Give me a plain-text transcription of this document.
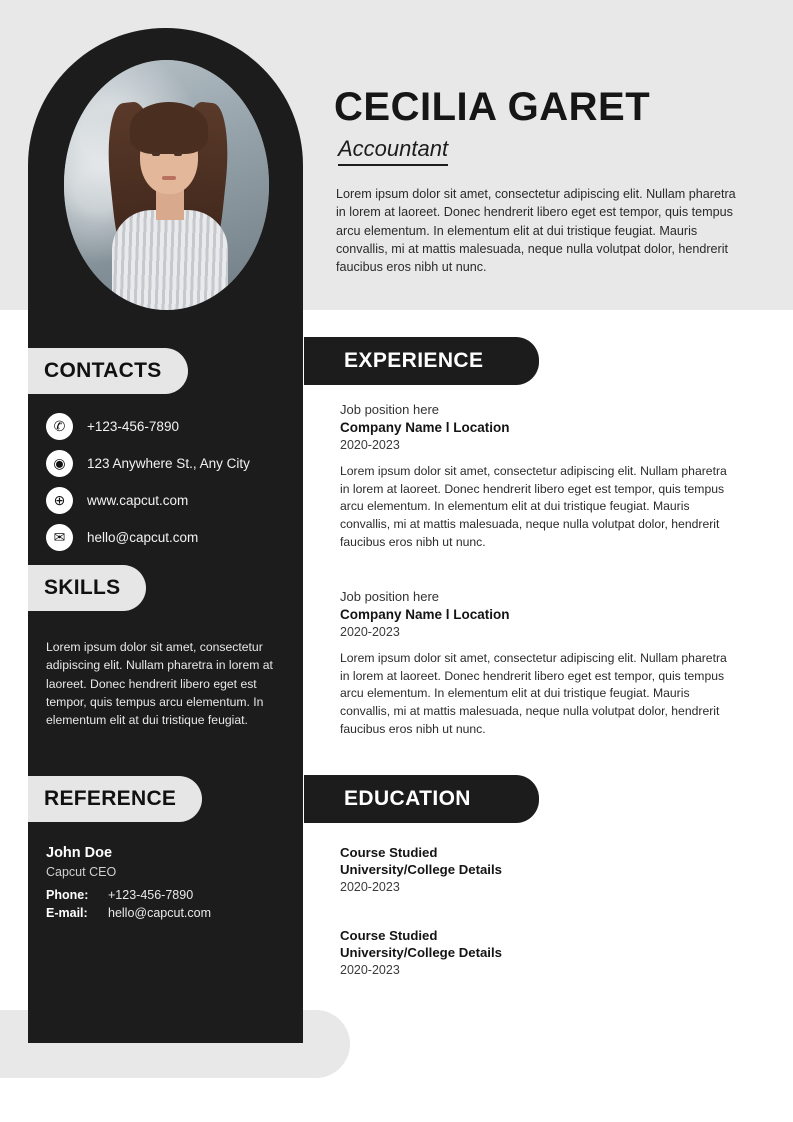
CECILIA GARET
Accountant
Lorem ipsum dolor sit amet, consectetur adipiscing elit. Nullam pharetra in lorem at laoreet. Donec hendrerit libero eget est tempor, quis tempus arcu elementum. In elementum elit at dui tristique feugiat. Mauris convallis, mi at mattis malesuada, neque nulla volutpat dolor, hendrerit faucibus eros nibh ut nunc.
CONTACTS
SKILLS
REFERENCE
EXPERIENCE
EDUCATION
✆	+123-456-7890
◉	123 Anywhere St., Any City
⊕	www.capcut.com
✉	hello@capcut.com
Lorem ipsum dolor sit amet, consectetur adipiscing elit. Nullam pharetra in lorem at laoreet. Donec hendrerit libero eget est tempor, quis tempus arcu elementum. In elementum elit at dui tristique feugiat.
John Doe
Capcut CEO
Phone:	+123-456-7890
E-mail:	hello@capcut.com
Job position here
Company Name l Location
2020-2023
Lorem ipsum dolor sit amet, consectetur adipiscing elit. Nullam pharetra in lorem at laoreet. Donec hendrerit libero eget est tempor, quis tempus arcu elementum. In elementum elit at dui tristique feugiat. Mauris convallis, mi at mattis malesuada, neque nulla volutpat dolor, hendrerit faucibus eros nibh ut nunc.
Job position here
Company Name l Location
2020-2023
Lorem ipsum dolor sit amet, consectetur adipiscing elit. Nullam pharetra in lorem at laoreet. Donec hendrerit libero eget est tempor, quis tempus arcu elementum. In elementum elit at dui tristique feugiat. Mauris convallis, mi at mattis malesuada, neque nulla volutpat dolor, hendrerit faucibus eros nibh ut nunc.
Course Studied
University/College Details
2020-2023
Course Studied
University/College Details
2020-2023
